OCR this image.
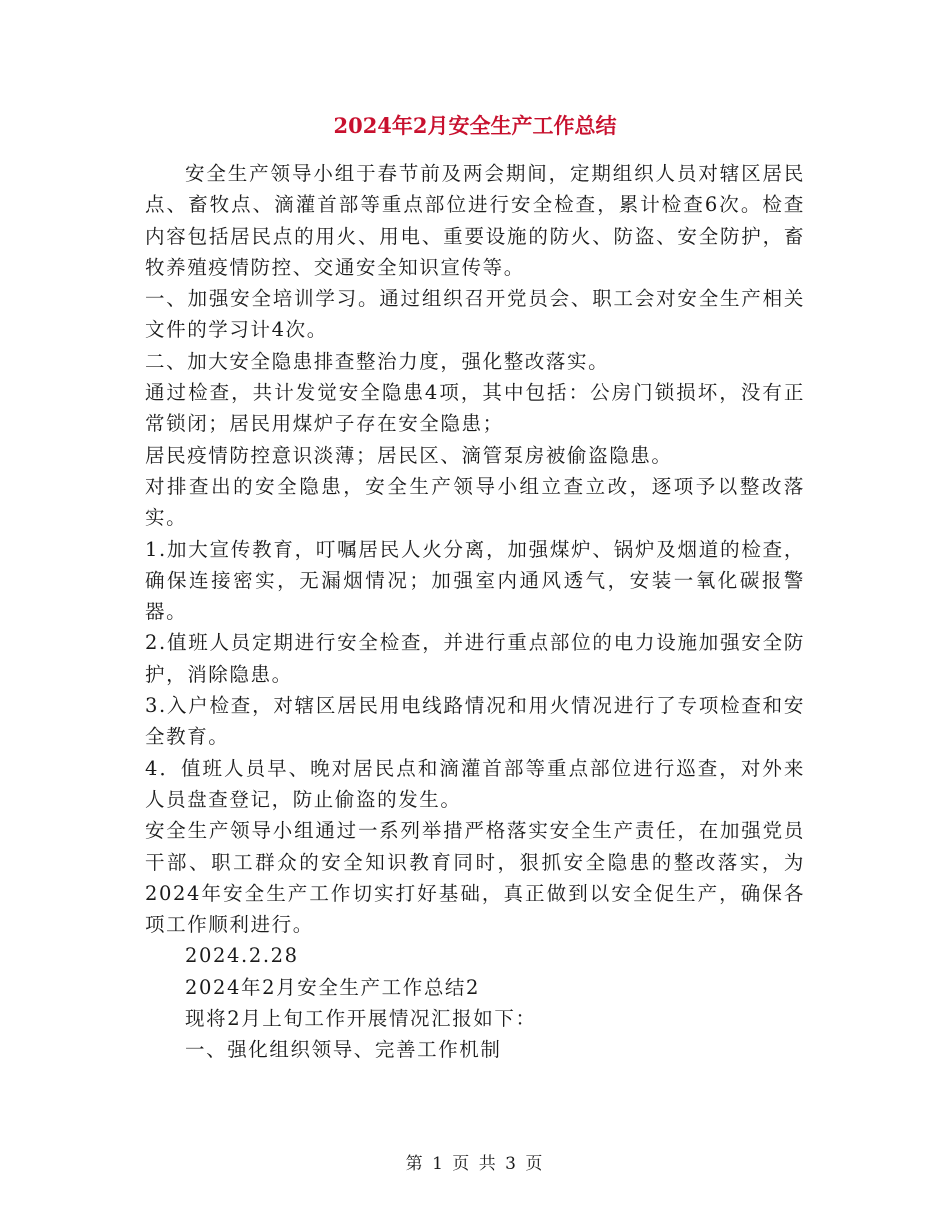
2024年2月安全生产工作总结

安全生产领导小组于春节前及两会期间，定期组织人员对辖区居民点、畜牧点、滴灌首部等重点部位进行安全检查，累计检查6次。检查内容包括居民点的用火、用电、重要设施的防火、防盗、安全防护，畜牧养殖疫情防控、交通安全知识宣传等。

一、加强安全培训学习。通过组织召开党员会、职工会对安全生产相关文件的学习计4次。

二、加大安全隐患排查整治力度，强化整改落实。

通过检查，共计发觉安全隐患4项，其中包括：公房门锁损坏，没有正常锁闭；居民用煤炉子存在安全隐患；

居民疫情防控意识淡薄；居民区、滴管泵房被偷盗隐患。

对排查出的安全隐患，安全生产领导小组立查立改，逐项予以整改落实。

1.加大宣传教育，叮嘱居民人火分离，加强煤炉、锅炉及烟道的检查，确保连接密实，无漏烟情况；加强室内通风透气，安装一氧化碳报警器。

2.值班人员定期进行安全检查，并进行重点部位的电力设施加强安全防护，消除隐患。

3.入户检查，对辖区居民用电线路情况和用火情况进行了专项检查和安全教育。

4．值班人员早、晚对居民点和滴灌首部等重点部位进行巡查，对外来人员盘查登记，防止偷盗的发生。

安全生产领导小组通过一系列举措严格落实安全生产责任，在加强党员干部、职工群众的安全知识教育同时，狠抓安全隐患的整改落实，为2024年安全生产工作切实打好基础，真正做到以安全促生产，确保各项工作顺利进行。

2024.2.28

2024年2月安全生产工作总结2

现将2月上旬工作开展情况汇报如下：

一、强化组织领导、完善工作机制

第 1 页 共 3 页
